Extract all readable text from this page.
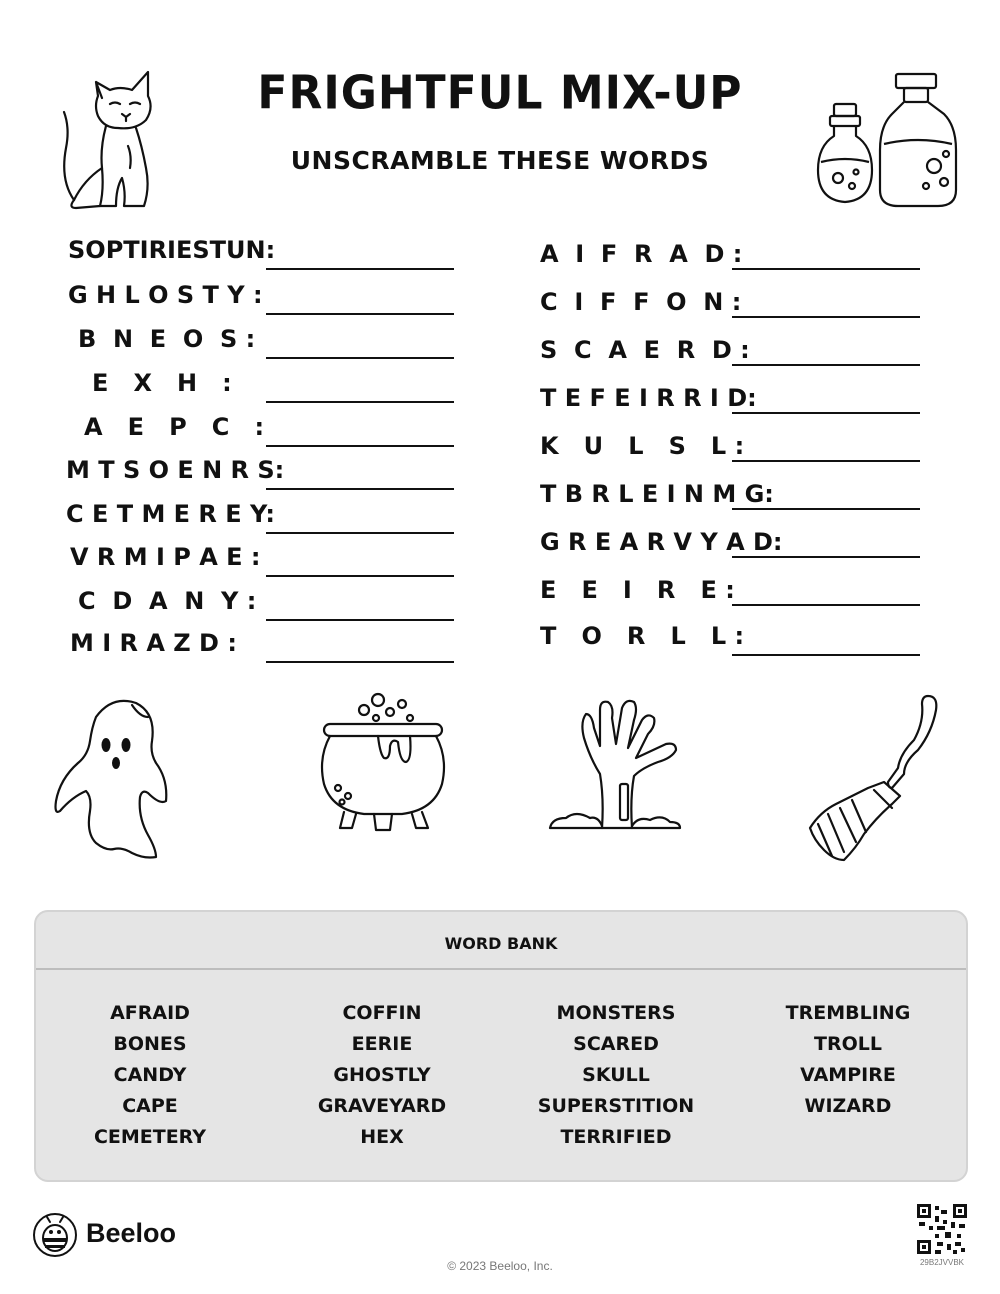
FRIGHTFUL MIX-UP
UNSCRAMBLE THESE WORDS
SOPTIRIESTUN:
G H L O S T Y :
B  N  E  O  S :
E   X   H   :
A   E   P   C   :
M T S O E N R S:
C E T M E R E Y:
V R M I P A E :
C  D  A  N  Y :
M I R A Z D :
A  I  F  R  A  D :
C  I  F  F  O  N :
S  C  A  E  R  D :
T E F E I R R I D:
K   U   L   S   L :
T B R L E I N M G:
G R E A R V Y A D:
E   E   I   R   E :
T   O   R   L   L :
WORD BANK
AFRAID
BONES
CANDY
CAPE
CEMETERY
COFFIN
EERIE
GHOSTLY
GRAVEYARD
HEX
MONSTERS
SCARED
SKULL
SUPERSTITION
TERRIFIED
TREMBLING
TROLL
VAMPIRE
WIZARD
Beeloo
© 2023 Beeloo, Inc.	29B2JVVBK
